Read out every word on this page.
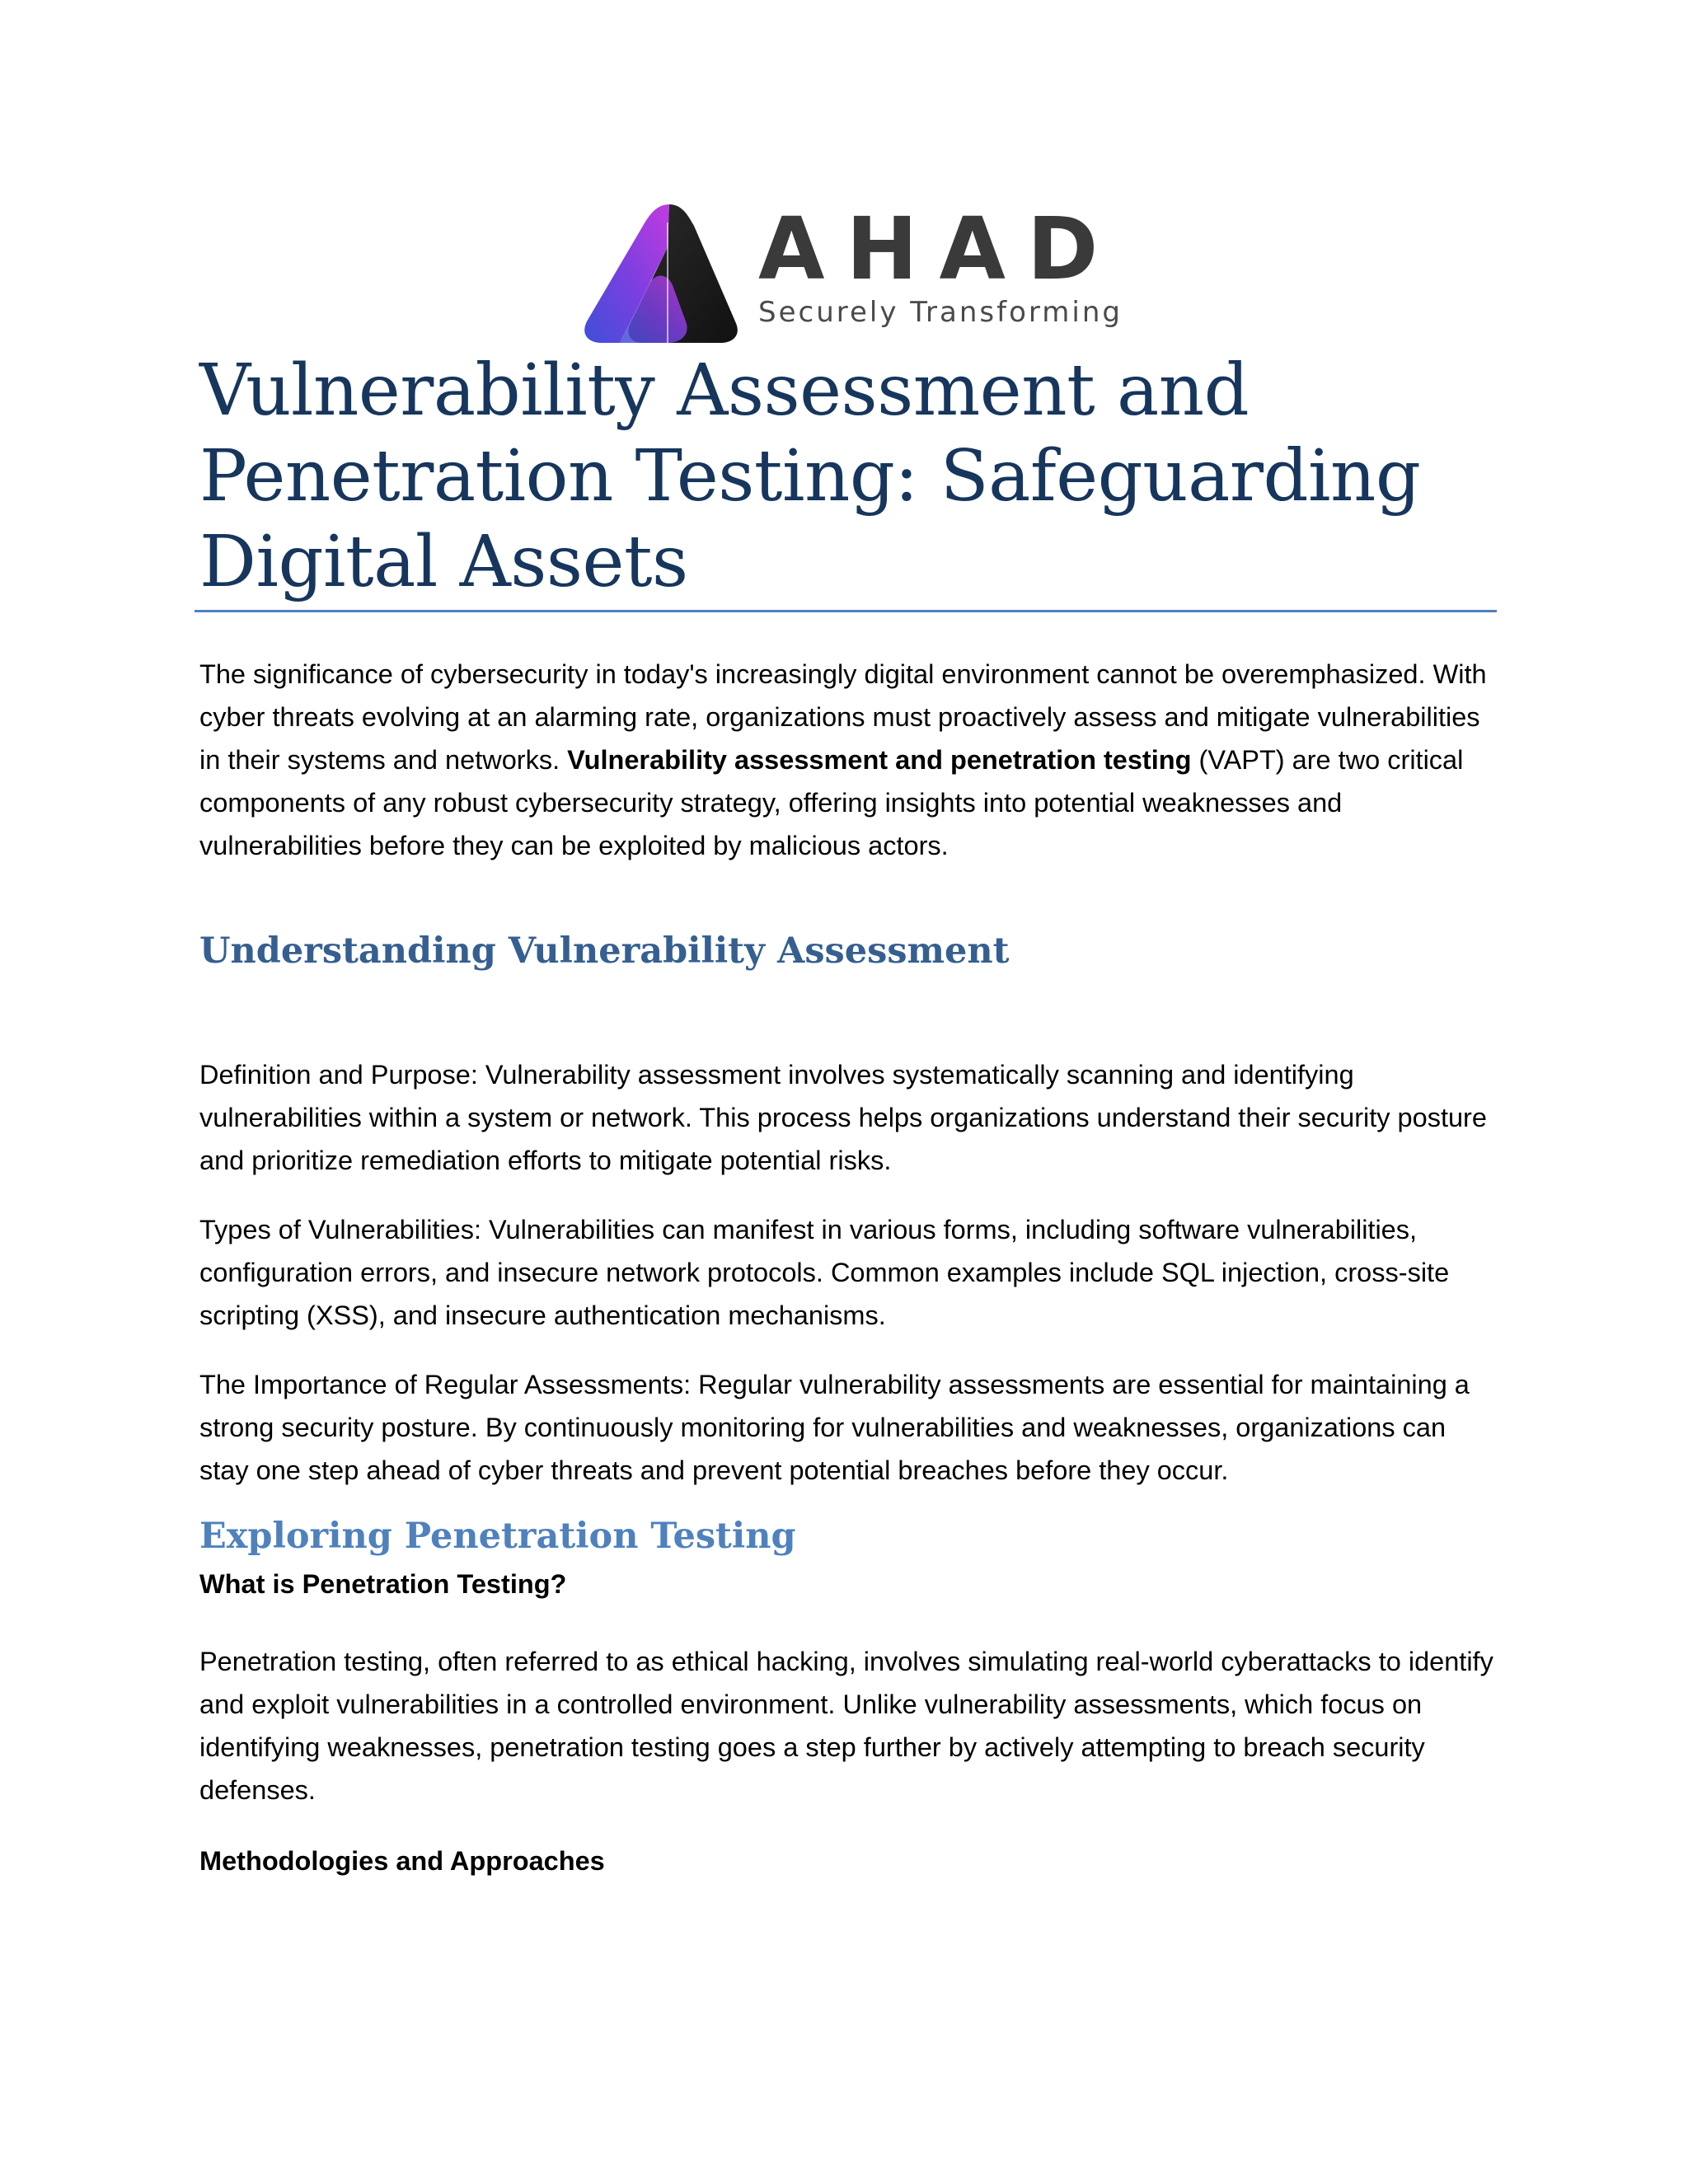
AHAD
Securely Transforming
Vulnerability Assessment and Penetration Testing: Safeguarding Digital Assets

The significance of cybersecurity in today's increasingly digital environment cannot be overemphasized. With cyber threats evolving at an alarming rate, organizations must proactively assess and mitigate vulnerabilities in their systems and networks. Vulnerability assessment and penetration testing (VAPT) are two critical components of any robust cybersecurity strategy, offering insights into potential weaknesses and vulnerabilities before they can be exploited by malicious actors.

Understanding Vulnerability Assessment

Definition and Purpose: Vulnerability assessment involves systematically scanning and identifying vulnerabilities within a system or network. This process helps organizations understand their security posture and prioritize remediation efforts to mitigate potential risks.

Types of Vulnerabilities: Vulnerabilities can manifest in various forms, including software vulnerabilities, configuration errors, and insecure network protocols. Common examples include SQL injection, cross-site scripting (XSS), and insecure authentication mechanisms.

The Importance of Regular Assessments: Regular vulnerability assessments are essential for maintaining a strong security posture. By continuously monitoring for vulnerabilities and weaknesses, organizations can stay one step ahead of cyber threats and prevent potential breaches before they occur.

Exploring Penetration Testing
What is Penetration Testing?

Penetration testing, often referred to as ethical hacking, involves simulating real-world cyberattacks to identify and exploit vulnerabilities in a controlled environment. Unlike vulnerability assessments, which focus on identifying weaknesses, penetration testing goes a step further by actively attempting to breach security defenses.

Methodologies and Approaches
